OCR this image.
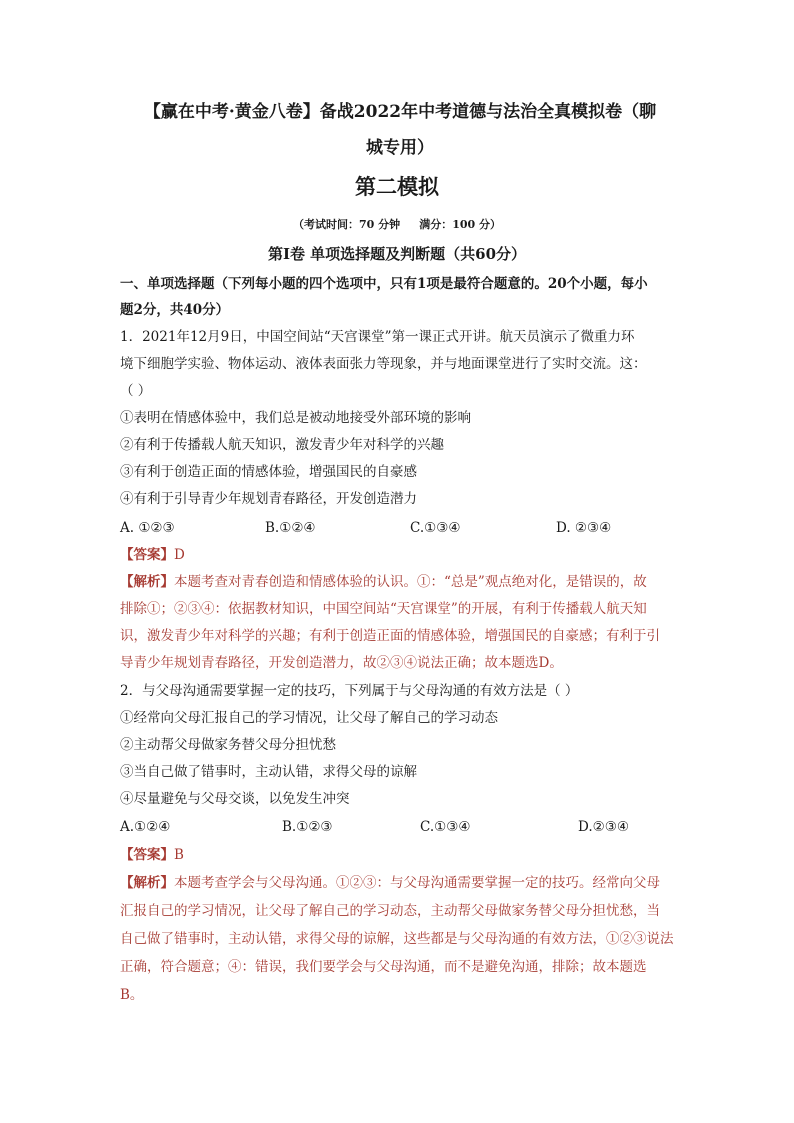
【赢在中考·黄金八卷】备战2022年中考道德与法治全真模拟卷（聊
城专用）
第二模拟
（考试时间：70 分钟     满分：100 分）
第Ⅰ卷 单项选择题及判断题（共60分）
一、单项选择题（下列每小题的四个选项中，只有1项是最符合题意的。20个小题，每小
题2分，共40分）
1．2021年12月9日，中国空间站“天宫课堂”第一课正式开讲。航天员演示了微重力环
境下细胞学实验、物体运动、液体表面张力等现象，并与地面课堂进行了实时交流。这：
（ ）
①表明在情感体验中，我们总是被动地接受外部环境的影响
②有利于传播载人航天知识，激发青少年对科学的兴趣
③有利于创造正面的情感体验，增强国民的自豪感
④有利于引导青少年规划青春路径，开发创造潜力
A. ①②③	B.①②④	C.①③④	D. ②③④
【答案】D
【解析】本题考查对青春创造和情感体验的认识。①：“总是”观点绝对化，是错误的，故
排除①；②③④：依据教材知识，中国空间站“天宫课堂”的开展，有利于传播载人航天知
识，激发青少年对科学的兴趣；有利于创造正面的情感体验，增强国民的自豪感；有利于引
导青少年规划青春路径，开发创造潜力，故②③④说法正确；故本题选D。
2．与父母沟通需要掌握一定的技巧，下列属于与父母沟通的有效方法是（ ）
①经常向父母汇报自己的学习情况，让父母了解自己的学习动态
②主动帮父母做家务替父母分担忧愁
③当自己做了错事时，主动认错，求得父母的谅解
④尽量避免与父母交谈，以免发生冲突
A.①②④	B.①②③	C.①③④	D.②③④
【答案】B
【解析】本题考查学会与父母沟通。①②③：与父母沟通需要掌握一定的技巧。经常向父母
汇报自己的学习情况，让父母了解自己的学习动态，主动帮父母做家务替父母分担忧愁，当
自己做了错事时，主动认错，求得父母的谅解，这些都是与父母沟通的有效方法，①②③说法
正确，符合题意；④：错误，我们要学会与父母沟通，而不是避免沟通，排除；故本题选
B。
